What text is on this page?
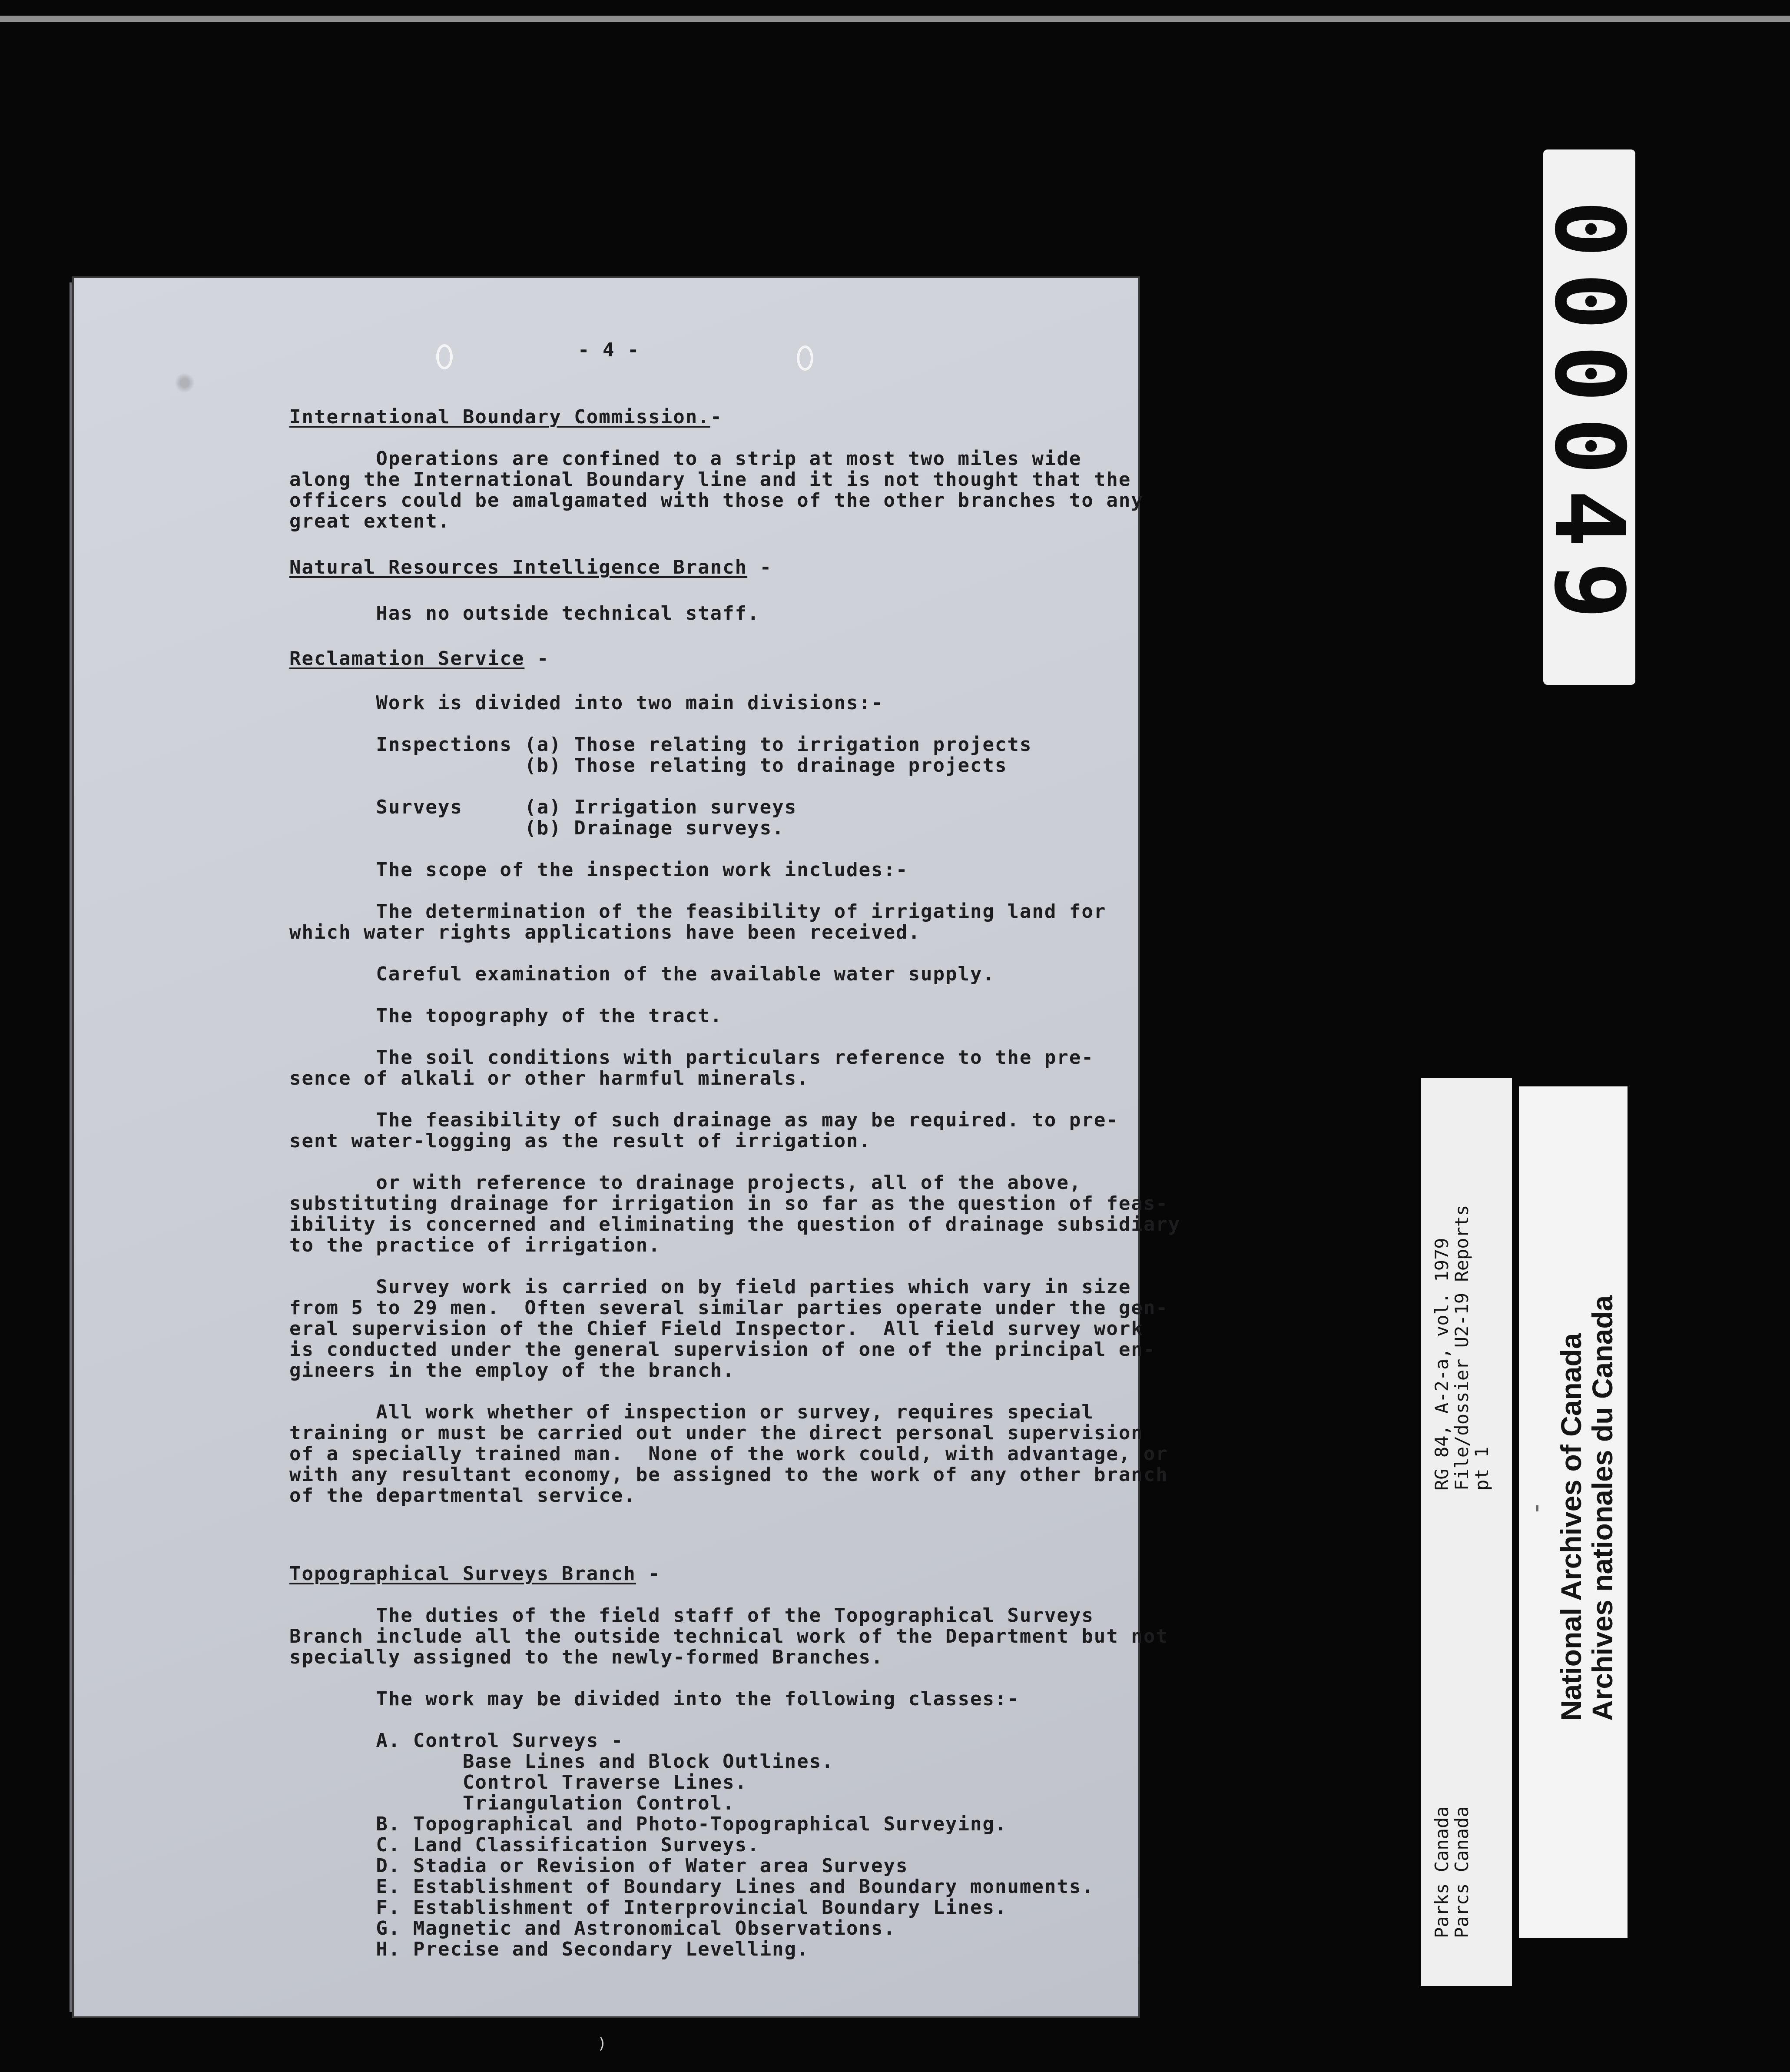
- 4 -
International Boundary Commission.-
Operations are confined to a strip at most two miles wide
along the International Boundary line and it is not thought that the
officers could be amalgamated with those of the other branches to any
great extent.
Natural Resources Intelligence Branch -
Has no outside technical staff.
Reclamation Service -
Work is divided into two main divisions:-
Inspections (a) Those relating to irrigation projects
(b) Those relating to drainage projects
Surveys     (a) Irrigation surveys
(b) Drainage surveys.
The scope of the inspection work includes:-
The determination of the feasibility of irrigating land for
which water rights applications have been received.
Careful examination of the available water supply.
The topography of the tract.
The soil conditions with particulars reference to the pre-
sence of alkali or other harmful minerals.
The feasibility of such drainage as may be required. to pre-
sent water-logging as the result of irrigation.
or with reference to drainage projects, all of the above,
substituting drainage for irrigation in so far as the question of feas-
ibility is concerned and eliminating the question of drainage subsidiary
to the practice of irrigation.
Survey work is carried on by field parties which vary in size
from 5 to 29 men.  Often several similar parties operate under the gen-
eral supervision of the Chief Field Inspector.  All field survey work
is conducted under the general supervision of one of the principal en-
gineers in the employ of the branch.
All work whether of inspection or survey, requires special
training or must be carried out under the direct personal supervision
of a specially trained man.  None of the work could, with advantage, or
with any resultant economy, be assigned to the work of any other branch
of the departmental service.
Topographical Surveys Branch -
The duties of the field staff of the Topographical Surveys
Branch include all the outside technical work of the Department but not
specially assigned to the newly-formed Branches.
The work may be divided into the following classes:-
A. Control Surveys -
Base Lines and Block Outlines.
Control Traverse Lines.
Triangulation Control.
B. Topographical and Photo-Topographical Surveying.
C. Land Classification Surveys.
D. Stadia or Revision of Water area Surveys
E. Establishment of Boundary Lines and Boundary monuments.
F. Establishment of Interprovincial Boundary Lines.
G. Magnetic and Astronomical Observations.
H. Precise and Secondary Levelling.
000049
Parks Canada
Parcs Canada
RG 84, A-2-a, vol. 1979
File/dossier U2-19 Reports
pt 1 National Archives of Canada
Archives nationales du Canada
)
